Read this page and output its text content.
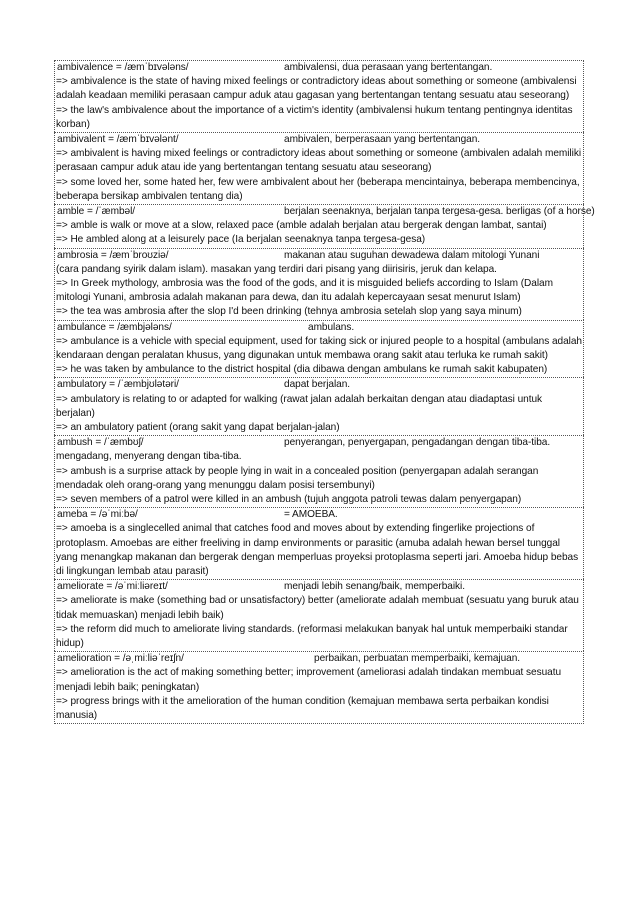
ambivalence = /æmˈbɪvələns/	ambivalensi, dua perasaan yang bertentangan.
=> ambivalence is the state of having mixed feelings or contradictory ideas about something or someone (ambivalensi adalah keadaan memiliki perasaan campur aduk atau gagasan yang bertentangan tentang sesuatu atau seseorang)
=> the law's ambivalence about the importance of a victim's identity (ambivalensi hukum tentang pentingnya identitas korban)
ambivalent = /æmˈbɪvələnt/	ambivalen, berperasaan yang bertentangan.
=> ambivalent is having mixed feelings or contradictory ideas about something or someone (ambivalen adalah memiliki perasaan campur aduk atau ide yang bertentangan tentang sesuatu atau seseorang)
=> some loved her, some hated her, few were ambivalent about her (beberapa mencintainya, beberapa membencinya, beberapa bersikap ambivalen tentang dia)
amble = /ˈæmbəl/	berjalan seenaknya, berjalan tanpa tergesa-gesa. berligas (of a horse)
=> amble is walk or move at a slow, relaxed pace (amble adalah berjalan atau bergerak dengan lambat, santai)
=> He ambled along at a leisurely pace (Ia berjalan seenaknya tanpa tergesa-gesa)
ambrosia = /æmˈbroʊziə/	makanan atau suguhan dewadewa dalam mitologi Yunani
(cara pandang syirik dalam islam). masakan yang terdiri dari pisang yang diirisiris, jeruk dan kelapa.
=> In Greek mythology, ambrosia was the food of the gods, and it is misguided beliefs according to Islam (Dalam mitologi Yunani, ambrosia adalah makanan para dewa, dan itu adalah kepercayaan sesat menurut Islam)
=> the tea was ambrosia after the slop I'd been drinking (tehnya ambrosia setelah slop yang saya minum)
ambulance = /æmbjələns/	ambulans.
=> ambulance is a vehicle with special equipment, used for taking sick or injured people to a hospital (ambulans adalah kendaraan dengan peralatan khusus, yang digunakan untuk membawa orang sakit atau terluka ke rumah sakit)
=> he was taken by ambulance to the district hospital (dia dibawa dengan ambulans ke rumah sakit kabupaten)
ambulatory = /ˈæmbjʊlətəri/	dapat berjalan.
=> ambulatory is relating to or adapted for walking (rawat jalan adalah berkaitan dengan atau diadaptasi untuk berjalan)
=> an ambulatory patient (orang sakit yang dapat berjalan-jalan)
ambush = /ˈæmbʊʃ/	penyerangan, penyergapan, pengadangan dengan tiba-tiba.
mengadang, menyerang dengan tiba-tiba.
=> ambush is a surprise attack by people lying in wait in a concealed position (penyergapan adalah serangan mendadak oleh orang-orang yang menunggu dalam posisi tersembunyi)
=> seven members of a patrol were killed in an ambush (tujuh anggota patroli tewas dalam penyergapan)
ameba = /əˈmiːbə/	= AMOEBA.
=> amoeba is a singlecelled animal that catches food and moves about by extending fingerlike projections of protoplasm. Amoebas are either freeliving in damp environments or parasitic (amuba adalah hewan bersel tunggal yang menangkap makanan dan bergerak dengan memperluas proyeksi protoplasma seperti jari. Amoeba hidup bebas di lingkungan lembab atau parasit)
ameliorate = /əˈmiːliəreɪt/	menjadi lebih senang/baik, memperbaiki.
=> ameliorate is make (something bad or unsatisfactory) better (ameliorate adalah membuat (sesuatu yang buruk atau tidak memuaskan) menjadi lebih baik)
=> the reform did much to ameliorate living standards. (reformasi melakukan banyak hal untuk memperbaiki standar hidup)
amelioration = /əˌmiːliəˈreɪʃn/	perbaikan, perbuatan memperbaiki, kemajuan.
=> amelioration is the act of making something better; improvement (ameliorasi adalah tindakan membuat sesuatu menjadi lebih baik; peningkatan)
=> progress brings with it the amelioration of the human condition (kemajuan membawa serta perbaikan kondisi manusia)
